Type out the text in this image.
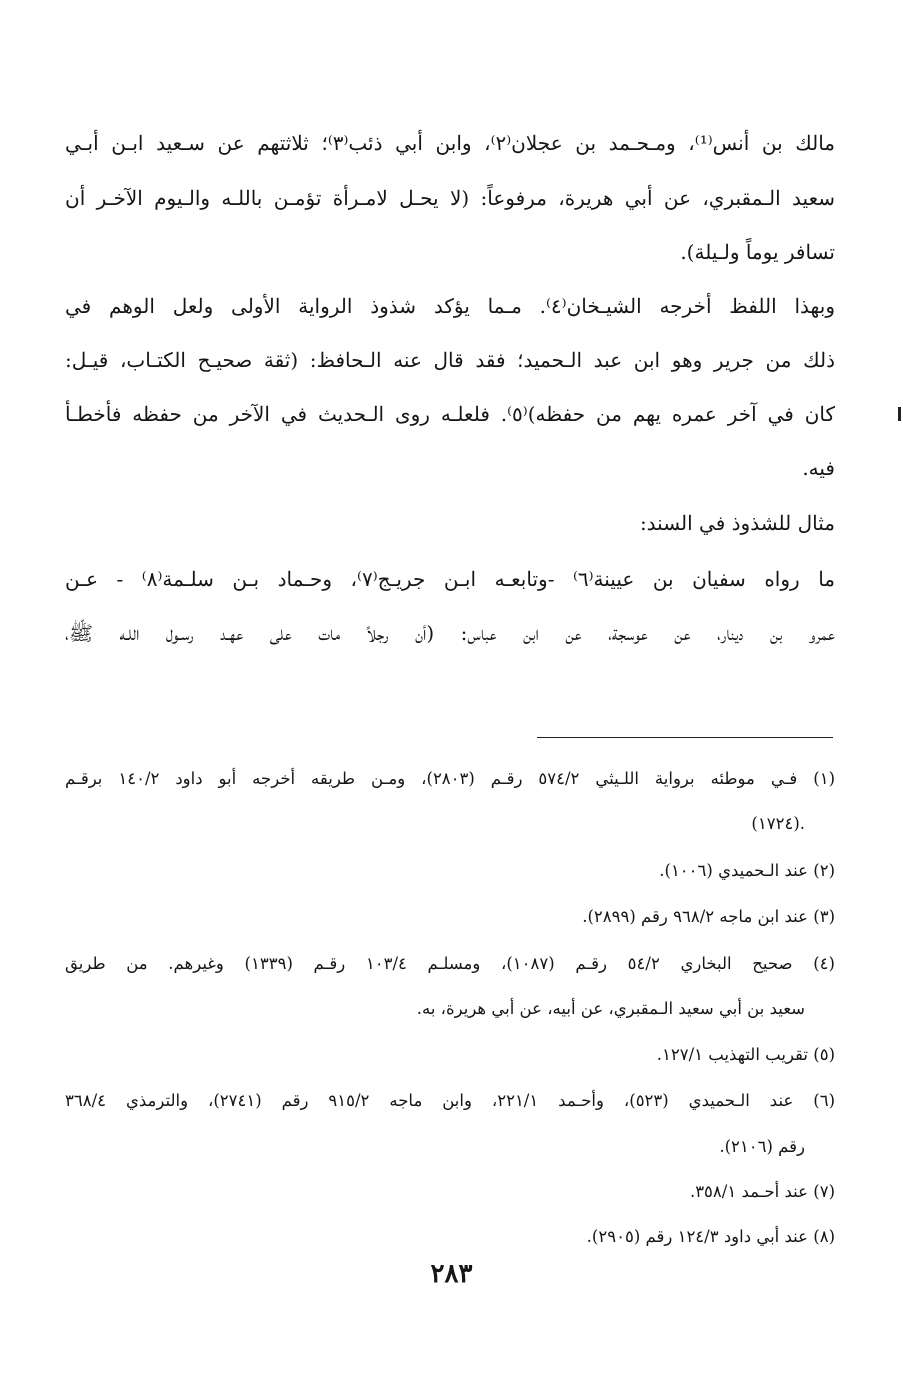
مالك بن أنس⁽¹⁾، ومـحـمد بن عجلان⁽٢⁾، وابن أبي ذئب⁽٣⁾؛ ثلاثتهم عن سـعيد ابـن أبـي

سعيد الـمقبري، عن أبي هريرة، مرفوعاً: (لا يحـل لامـرأة تؤمـن باللـه والـيوم الآخـر أن

تسافر يوماً ولـيلة).

وبهذا اللفظ أخرجه الشيـخان⁽٤⁾. مـما يؤكد شذوذ الرواية الأولى ولعل الوهم في

ذلك من جرير وهو ابن عبد الـحميد؛ فقد قال عنه الـحافظ: (ثقة صحيـح الكتـاب، قيـل:

كان في آخر عمره يهم من حفظه)⁽٥⁾. فلعلـه روى الـحديث في الآخر من حفظه فأخطـأ

فيه.

مثال للشذوذ في السند:

ما رواه سفيان بن عيينة⁽٦⁾ -وتابعـه ابـن جريـج⁽٧⁾، وحـماد بـن سلـمة⁽٨⁾ - عـن

عمرو بن دينار، عن عوسجة، عن ابن عباس: (أن رجلاً مات على عهـد رسـول اللـه ﷺ،

(١) فـي موطئه برواية اللـيثي ٥٧٤/٢ رقـم (٢٨٠٣)، ومـن طريقه أخرجه أبو داود ١٤٠/٢ برقـم

(١٧٢٤).

(٢) عند الـحميدي (١٠٠٦).

(٣) عند ابن ماجه ٩٦٨/٢ رقم (٢٨٩٩).

(٤) صحيح البخاري ٥٤/٢ رقـم (١٠٨٧)، ومسلـم ١٠٣/٤ رقـم (١٣٣٩) وغيرهم. من طريق

سعيد بن أبي سعيد الـمقبري، عن أبيه، عن أبي هريرة، به.

(٥) تقريب التهذيب ١٢٧/١.

(٦) عند الـحميدي (٥٢٣)، وأحـمد ٢٢١/١، وابن ماجه ٩١٥/٢ رقم (٢٧٤١)، والترمذي ٣٦٨/٤

رقم (٢١٠٦).

(٧) عند أحـمد ٣٥٨/١.

(٨) عند أبي داود ١٢٤/٣ رقم (٢٩٠٥).

٢٨٣
